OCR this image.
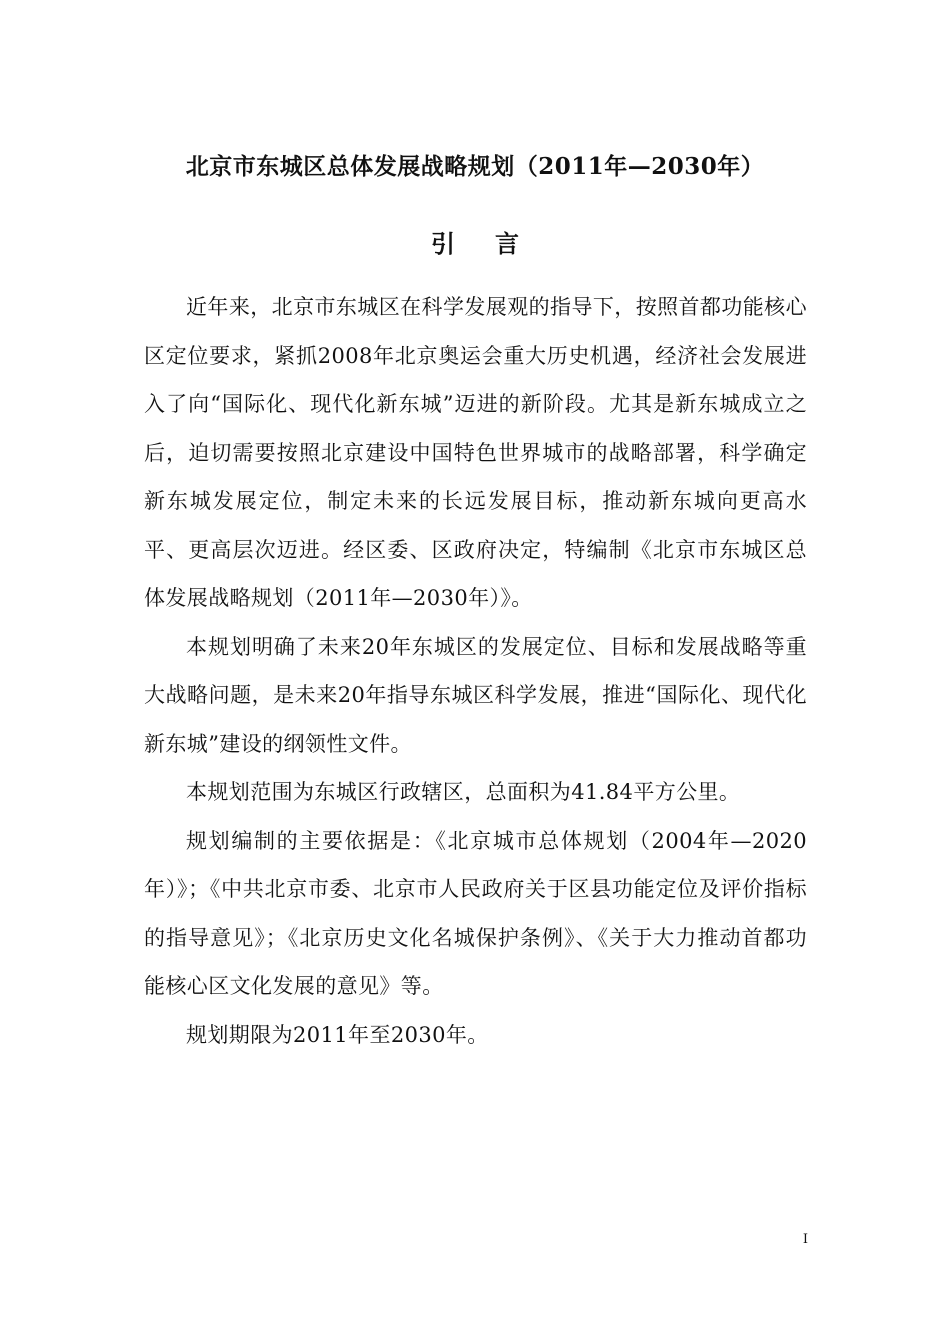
北京市东城区总体发展战略规划（2011年—2030年）
引言

近年来，北京市东城区在科学发展观的指导下，按照首都功能核心区定位要求，紧抓2008年北京奥运会重大历史机遇，经济社会发展进入了向“国际化、现代化新东城”迈进的新阶段。尤其是新东城成立之后，迫切需要按照北京建设中国特色世界城市的战略部署，科学确定新东城发展定位，制定未来的长远发展目标，推动新东城向更高水平、更高层次迈进。经区委、区政府决定，特编制《北京市东城区总体发展战略规划（2011年—2030年）》。

本规划明确了未来20年东城区的发展定位、目标和发展战略等重大战略问题，是未来20年指导东城区科学发展，推进“国际化、现代化新东城”建设的纲领性文件。

本规划范围为东城区行政辖区，总面积为41.84平方公里。

规划编制的主要依据是：《北京城市总体规划（2004年—2020年）》；《中共北京市委、北京市人民政府关于区县功能定位及评价指标的指导意见》；《北京历史文化名城保护条例》、《关于大力推动首都功能核心区文化发展的意见》等。

规划期限为2011年至2030年。

I
